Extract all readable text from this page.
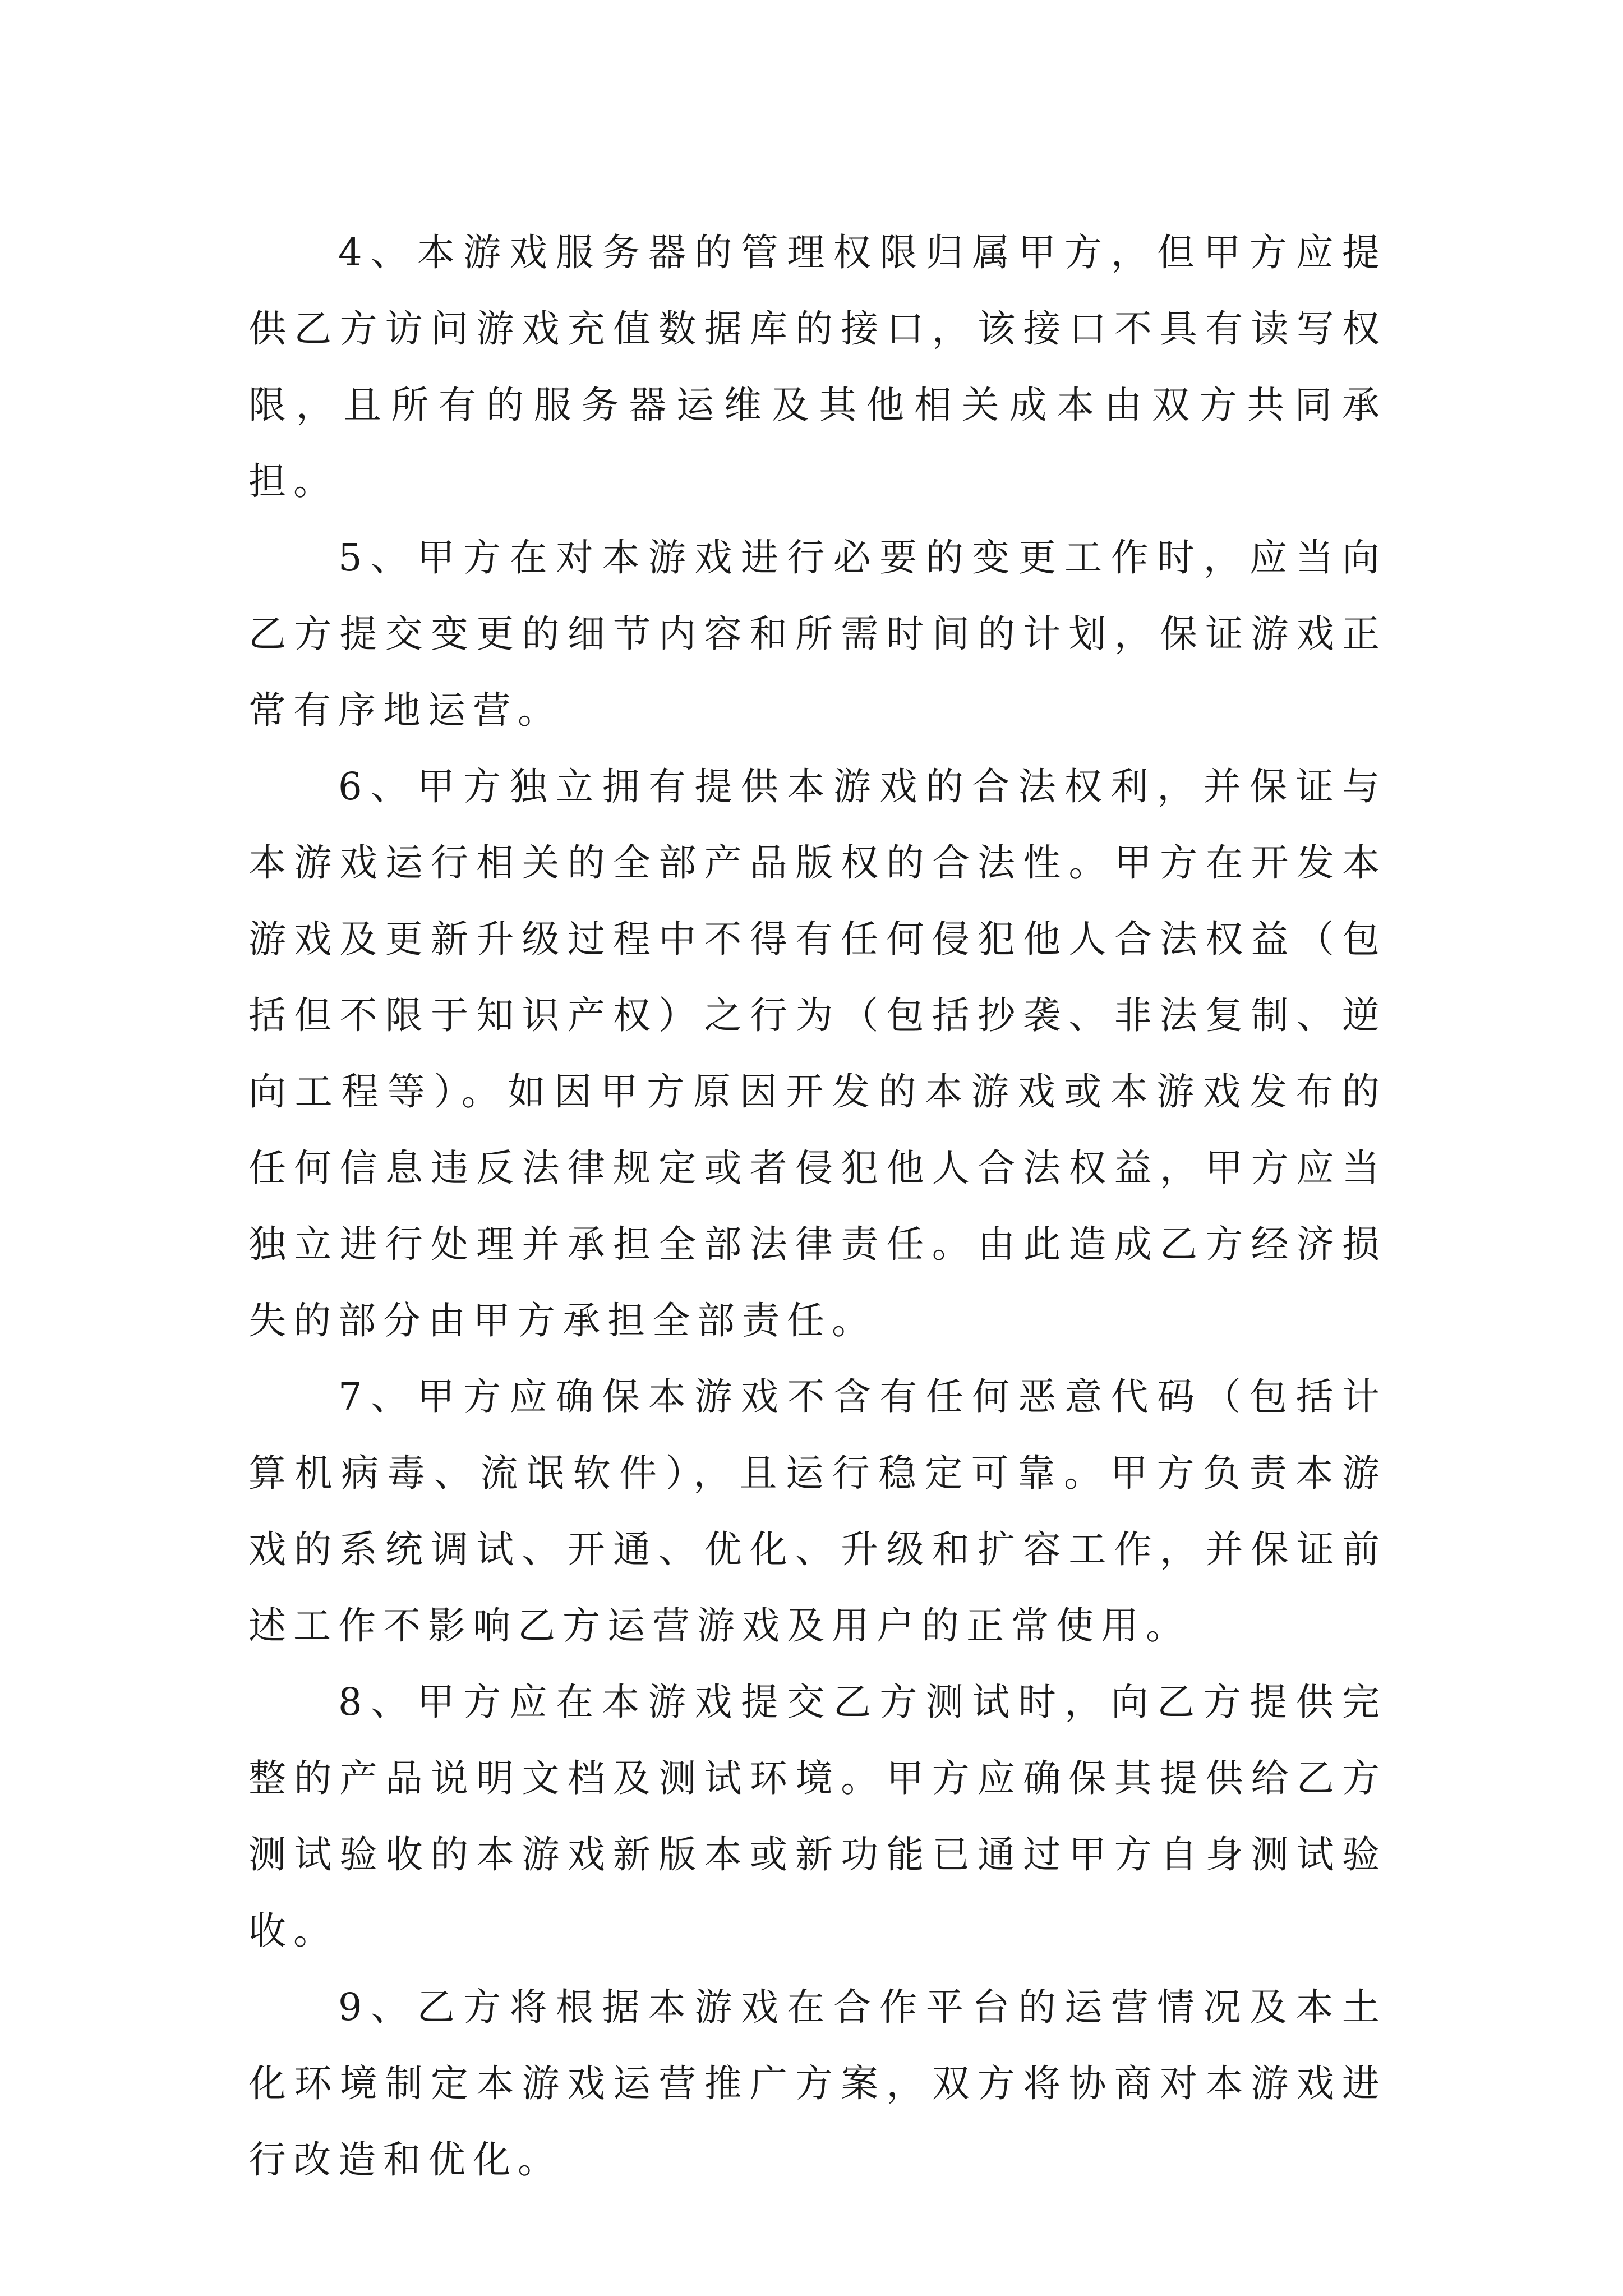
4、本游戏服务器的管理权限归属甲方，但甲方应提供乙方访问游戏充值数据库的接口，该接口不具有读写权限，且所有的服务器运维及其他相关成本由双方共同承担。

5、甲方在对本游戏进行必要的变更工作时，应当向乙方提交变更的细节内容和所需时间的计划，保证游戏正常有序地运营。

6、甲方独立拥有提供本游戏的合法权利，并保证与本游戏运行相关的全部产品版权的合法性。甲方在开发本游戏及更新升级过程中不得有任何侵犯他人合法权益（包括但不限于知识产权）之行为（包括抄袭、非法复制、逆向工程等）。如因甲方原因开发的本游戏或本游戏发布的任何信息违反法律规定或者侵犯他人合法权益，甲方应当独立进行处理并承担全部法律责任。由此造成乙方经济损失的部分由甲方承担全部责任。

7、甲方应确保本游戏不含有任何恶意代码（包括计算机病毒、流氓软件），且运行稳定可靠。甲方负责本游戏的系统调试、开通、优化、升级和扩容工作，并保证前述工作不影响乙方运营游戏及用户的正常使用。

8、甲方应在本游戏提交乙方测试时，向乙方提供完整的产品说明文档及测试环境。甲方应确保其提供给乙方测试验收的本游戏新版本或新功能已通过甲方自身测试验收。

9、乙方将根据本游戏在合作平台的运营情况及本土化环境制定本游戏运营推广方案，双方将协商对本游戏进行改造和优化。
